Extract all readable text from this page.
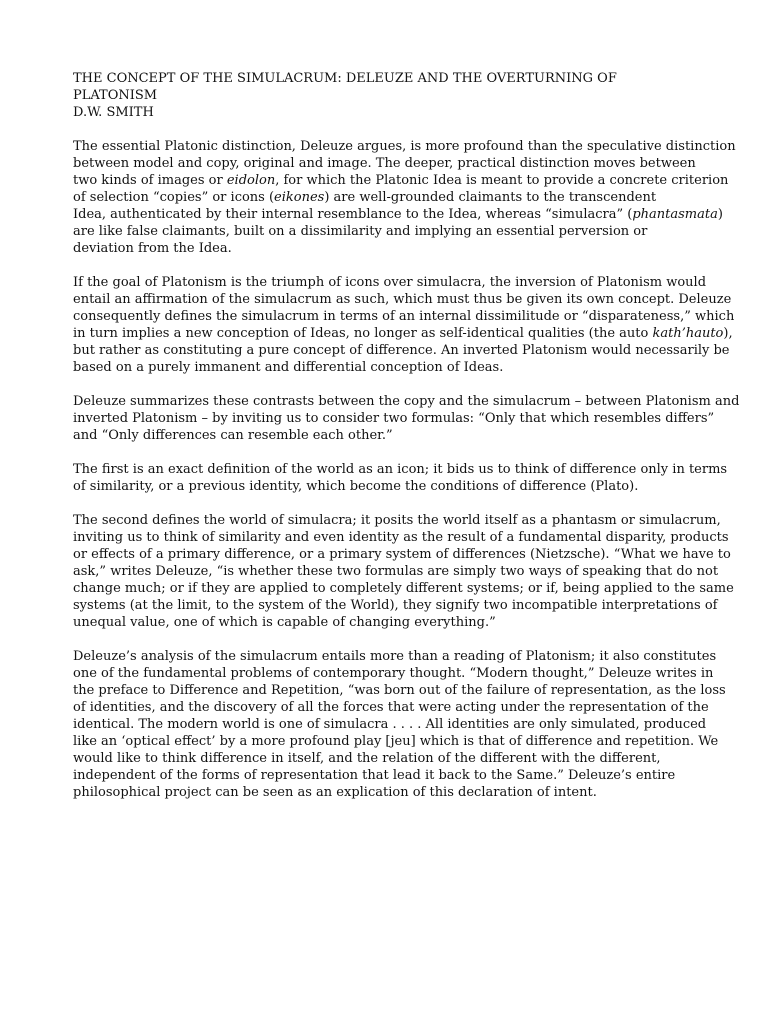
THE CONCEPT OF THE SIMULACRUM: DELEUZE AND THE OVERTURNING OF
PLATONISM
D.W. SMITH

The essential Platonic distinction, Deleuze argues, is more profound than the speculative distinction
between model and copy, original and image. The deeper, practical distinction moves between
two kinds of images or eidolon, for which the Platonic Idea is meant to provide a concrete criterion
of selection “copies” or icons (eikones) are well-grounded claimants to the transcendent
Idea, authenticated by their internal resemblance to the Idea, whereas “simulacra” (phantasmata)
are like false claimants, built on a dissimilarity and implying an essential perversion or
deviation from the Idea.

If the goal of Platonism is the triumph of icons over simulacra, the inversion of Platonism would
entail an affirmation of the simulacrum as such, which must thus be given its own concept. Deleuze
consequently defines the simulacrum in terms of an internal dissimilitude or “disparateness,” which
in turn implies a new conception of Ideas, no longer as self-identical qualities (the auto kath’hauto),
but rather as constituting a pure concept of difference. An inverted Platonism would necessarily be
based on a purely immanent and differential conception of Ideas.

Deleuze summarizes these contrasts between the copy and the simulacrum – between Platonism and
inverted Platonism – by inviting us to consider two formulas: “Only that which resembles differs”
and “Only differences can resemble each other.”

The first is an exact definition of the world as an icon; it bids us to think of difference only in terms
of similarity, or a previous identity, which become the conditions of difference (Plato).

The second defines the world of simulacra; it posits the world itself as a phantasm or simulacrum,
inviting us to think of similarity and even identity as the result of a fundamental disparity, products
or effects of a primary difference, or a primary system of differences (Nietzsche). “What we have to
ask,” writes Deleuze, “is whether these two formulas are simply two ways of speaking that do not
change much; or if they are applied to completely different systems; or if, being applied to the same
systems (at the limit, to the system of the World), they signify two incompatible interpretations of
unequal value, one of which is capable of changing everything.”

Deleuze’s analysis of the simulacrum entails more than a reading of Platonism; it also constitutes
one of the fundamental problems of contemporary thought. “Modern thought,” Deleuze writes in
the preface to Difference and Repetition, “was born out of the failure of representation, as the loss
of identities, and the discovery of all the forces that were acting under the representation of the
identical. The modern world is one of simulacra . . . . All identities are only simulated, produced
like an ‘optical effect’ by a more profound play [jeu] which is that of difference and repetition. We
would like to think difference in itself, and the relation of the different with the different,
independent of the forms of representation that lead it back to the Same.” Deleuze’s entire
philosophical project can be seen as an explication of this declaration of intent.
